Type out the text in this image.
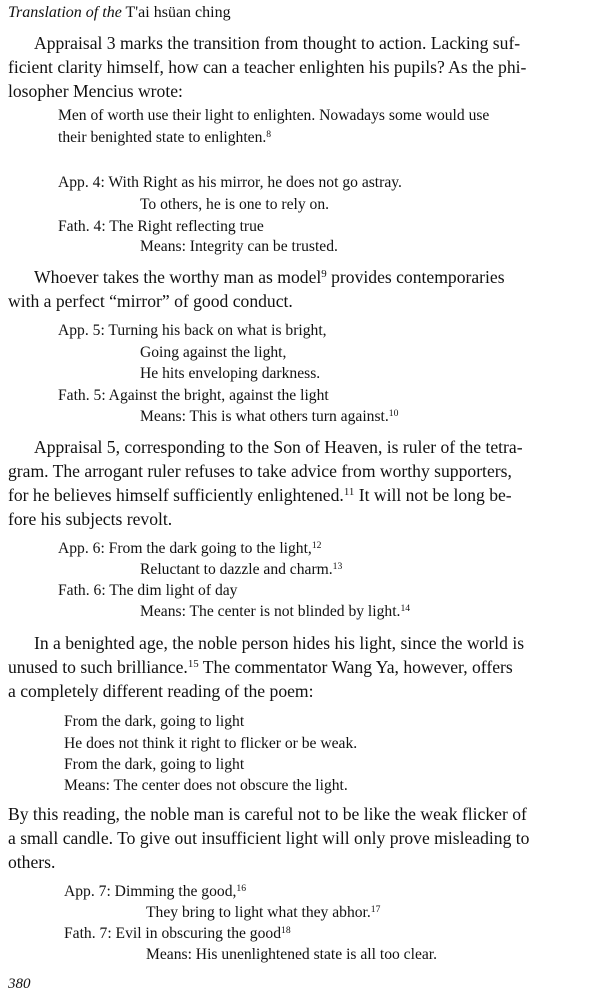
Translation of the T'ai hsüan ching
Appraisal 3 marks the transition from thought to action. Lacking suf-
ficient clarity himself, how can a teacher enlighten his pupils? As the phi-
losopher Mencius wrote:
Men of worth use their light to enlighten. Nowadays some would use
their benighted state to enlighten.$^8$
App. 4: With Right as his mirror, he does not go astray.
To others, he is one to rely on.
Fath. 4: The Right reflecting true
Means: Integrity can be trusted.
Whoever takes the worthy man as model$^9$ provides contemporaries
with a perfect “mirror” of good conduct.
App. 5: Turning his back on what is bright,
Going against the light,
He hits enveloping darkness.
Fath. 5: Against the bright, against the light
Means: This is what others turn against.$^{10}$
Appraisal 5, corresponding to the Son of Heaven, is ruler of the tetra-
gram. The arrogant ruler refuses to take advice from worthy supporters,
for he believes himself sufficiently enlightened.$^{11}$ It will not be long be-
fore his subjects revolt.
App. 6: From the dark going to the light,$^{12}$
Reluctant to dazzle and charm.$^{13}$
Fath. 6: The dim light of day
Means: The center is not blinded by light.$^{14}$
In a benighted age, the noble person hides his light, since the world is
unused to such brilliance.$^{15}$ The commentator Wang Ya, however, offers
a completely different reading of the poem:
From the dark, going to light
He does not think it right to flicker or be weak.
From the dark, going to light
Means: The center does not obscure the light.
By this reading, the noble man is careful not to be like the weak flicker of
a small candle. To give out insufficient light will only prove misleading to
others.
App. 7: Dimming the good,$^{16}$
They bring to light what they abhor.$^{17}$
Fath. 7: Evil in obscuring the good$^{18}$
Means: His unenlightened state is all too clear.
380
